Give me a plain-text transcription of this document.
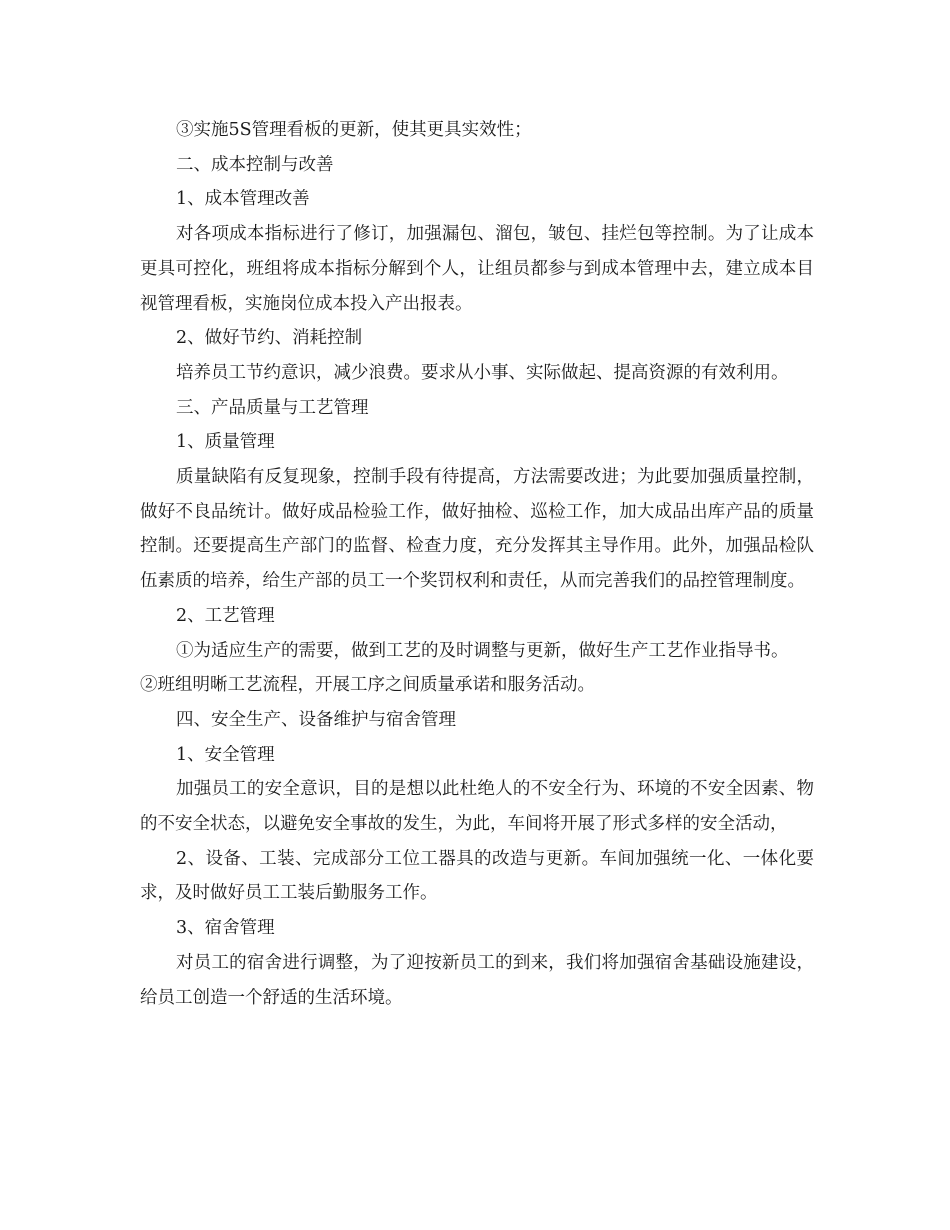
③实施5S管理看板的更新，使其更具实效性；

二、成本控制与改善

1、成本管理改善

对各项成本指标进行了修订，加强漏包、溜包，皱包、挂烂包等控制。为了让成本更具可控化，班组将成本指标分解到个人，让组员都参与到成本管理中去，建立成本目视管理看板，实施岗位成本投入产出报表。

2、做好节约、消耗控制

培养员工节约意识，减少浪费。要求从小事、实际做起、提高资源的有效利用。

三、产品质量与工艺管理

1、质量管理

质量缺陷有反复现象，控制手段有待提高，方法需要改进；为此要加强质量控制，做好不良品统计。做好成品检验工作，做好抽检、巡检工作，加大成品出库产品的质量控制。还要提高生产部门的监督、检查力度，充分发挥其主导作用。此外，加强品检队伍素质的培养，给生产部的员工一个奖罚权利和责任，从而完善我们的品控管理制度。

2、工艺管理

①为适应生产的需要，做到工艺的及时调整与更新，做好生产工艺作业指导书。

②班组明晰工艺流程，开展工序之间质量承诺和服务活动。

四、安全生产、设备维护与宿舍管理

1、安全管理

加强员工的安全意识，目的是想以此杜绝人的不安全行为、环境的不安全因素、物的不安全状态，以避免安全事故的发生，为此，车间将开展了形式多样的安全活动，

2、设备、工装、完成部分工位工器具的改造与更新。车间加强统一化、一体化要求，及时做好员工工装后勤服务工作。

3、宿舍管理

对员工的宿舍进行调整，为了迎按新员工的到来，我们将加强宿舍基础设施建设，给员工创造一个舒适的生活环境。
